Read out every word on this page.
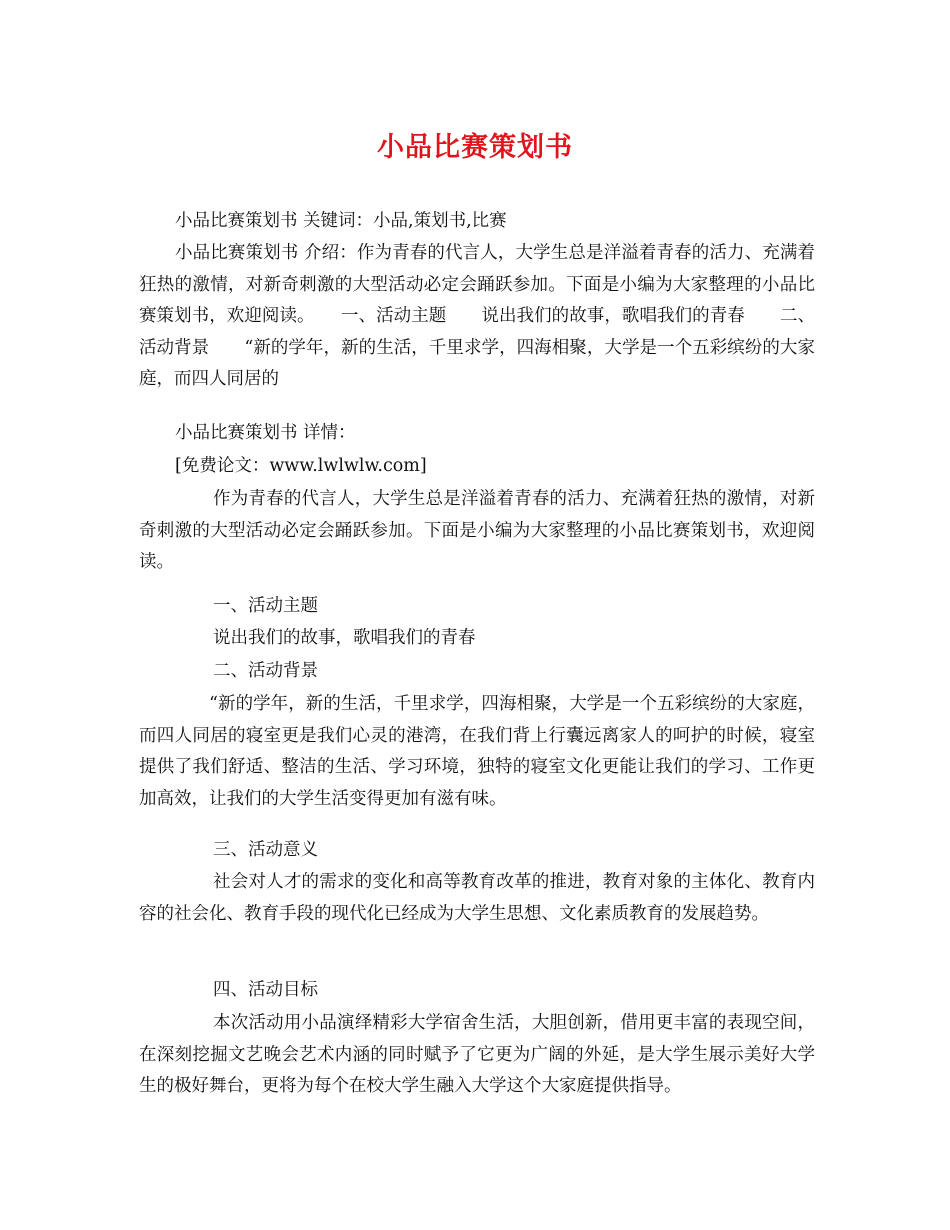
小品比赛策划书
小品比赛策划书 关键词：小品,策划书,比赛
小品比赛策划书 介绍：作为青春的代言人，大学生总是洋溢着青春的活力、充满着狂热的激情，对新奇刺激的大型活动必定会踊跃参加。下面是小编为大家整理的小品比赛策划书，欢迎阅读。　　一、活动主题　　说出我们的故事，歌唱我们的青春　　二、活动背景　　“新的学年，新的生活，千里求学，四海相聚，大学是一个五彩缤纷的大家庭，而四人同居的
小品比赛策划书 详情：
[免费论文：www.lwlwlw.com]
作为青春的代言人，大学生总是洋溢着青春的活力、充满着狂热的激情，对新奇刺激的大型活动必定会踊跃参加。下面是小编为大家整理的小品比赛策划书，欢迎阅读。
一、活动主题
说出我们的故事，歌唱我们的青春
二、活动背景
“新的学年，新的生活，千里求学，四海相聚，大学是一个五彩缤纷的大家庭，而四人同居的寝室更是我们心灵的港湾，在我们背上行囊远离家人的呵护的时候，寝室提供了我们舒适、整洁的生活、学习环境，独特的寝室文化更能让我们的学习、工作更加高效，让我们的大学生活变得更加有滋有味。
三、活动意义
社会对人才的需求的变化和高等教育改革的推进，教育对象的主体化、教育内容的社会化、教育手段的现代化已经成为大学生思想、文化素质教育的发展趋势。
四、活动目标
本次活动用小品演绎精彩大学宿舍生活，大胆创新，借用更丰富的表现空间，在深刻挖掘文艺晚会艺术内涵的同时赋予了它更为广阔的外延，是大学生展示美好大学生的极好舞台，更将为每个在校大学生融入大学这个大家庭提供指导。
